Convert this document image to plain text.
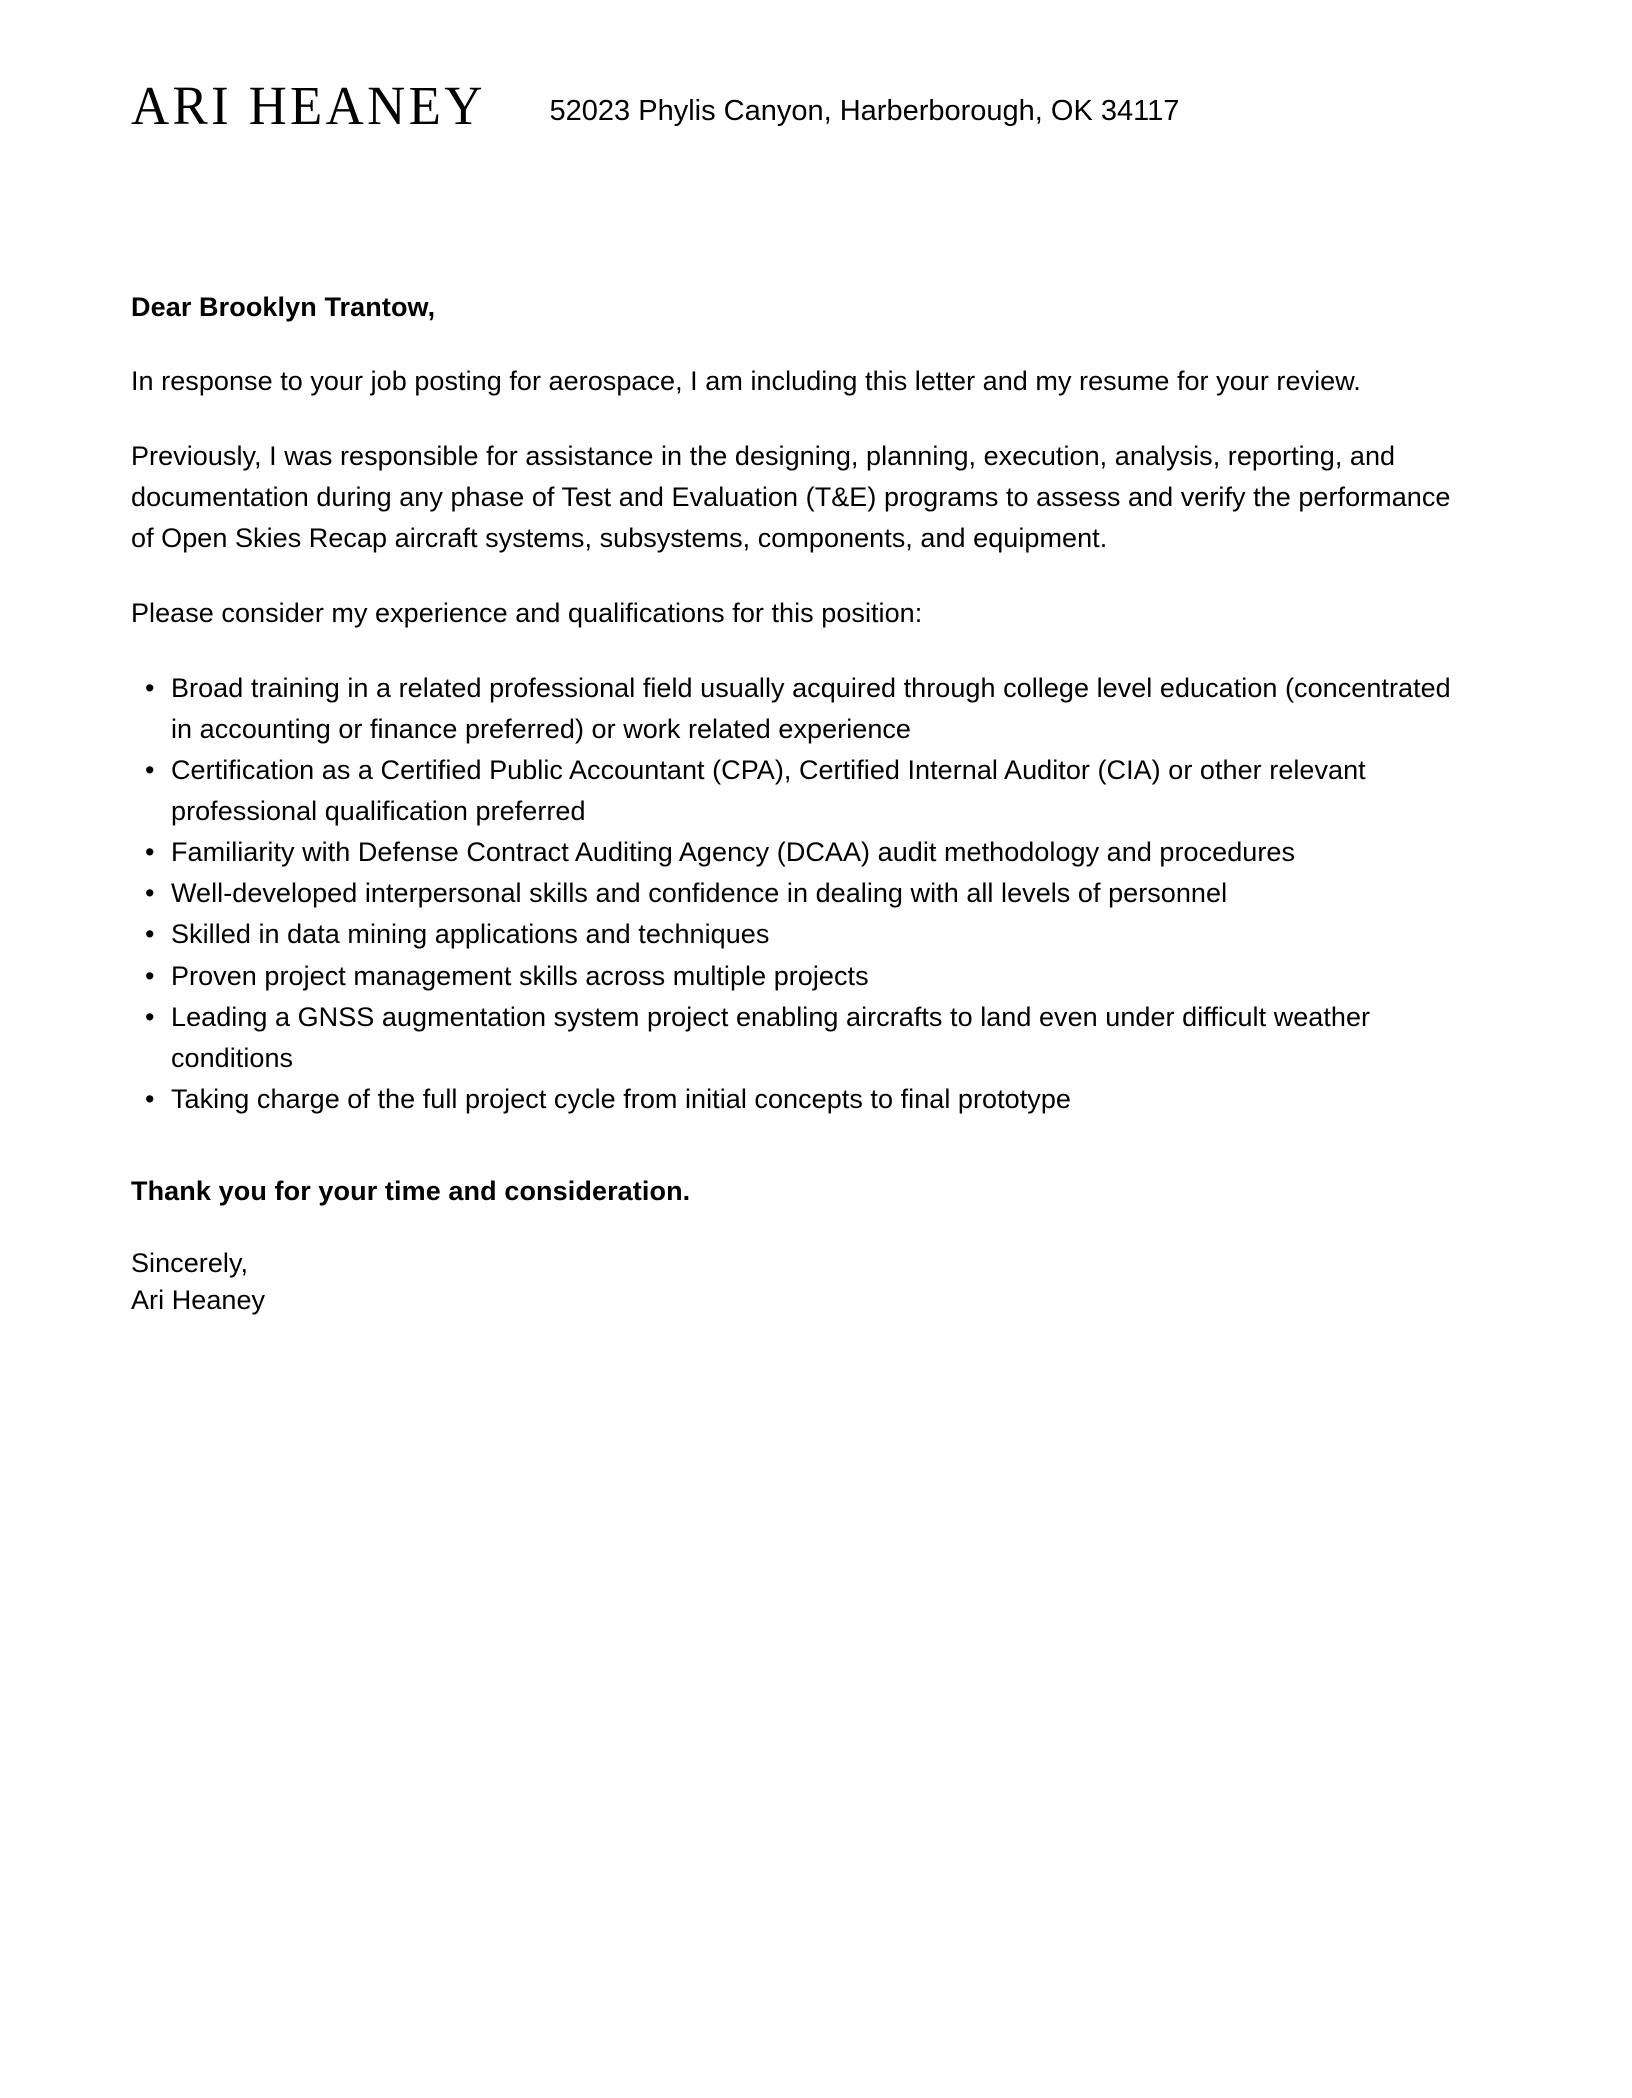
ARI HEANEY 52023 Phylis Canyon, Harberborough, OK 34117
Dear Brooklyn Trantow,

In response to your job posting for aerospace, I am including this letter and my resume for your review.

Previously, I was responsible for assistance in the designing, planning, execution, analysis, reporting, and documentation during any phase of Test and Evaluation (T&E) programs to assess and verify the performance of Open Skies Recap aircraft systems, subsystems, components, and equipment.

Please consider my experience and qualifications for this position:

• Broad training in a related professional field usually acquired through college level education (concentrated in accounting or finance preferred) or work related experience
• Certification as a Certified Public Accountant (CPA), Certified Internal Auditor (CIA) or other relevant professional qualification preferred
• Familiarity with Defense Contract Auditing Agency (DCAA) audit methodology and procedures
• Well-developed interpersonal skills and confidence in dealing with all levels of personnel
• Skilled in data mining applications and techniques
• Proven project management skills across multiple projects
• Leading a GNSS augmentation system project enabling aircrafts to land even under difficult weather conditions
• Taking charge of the full project cycle from initial concepts to final prototype
Thank you for your time and consideration.
Sincerely,
Ari Heaney
